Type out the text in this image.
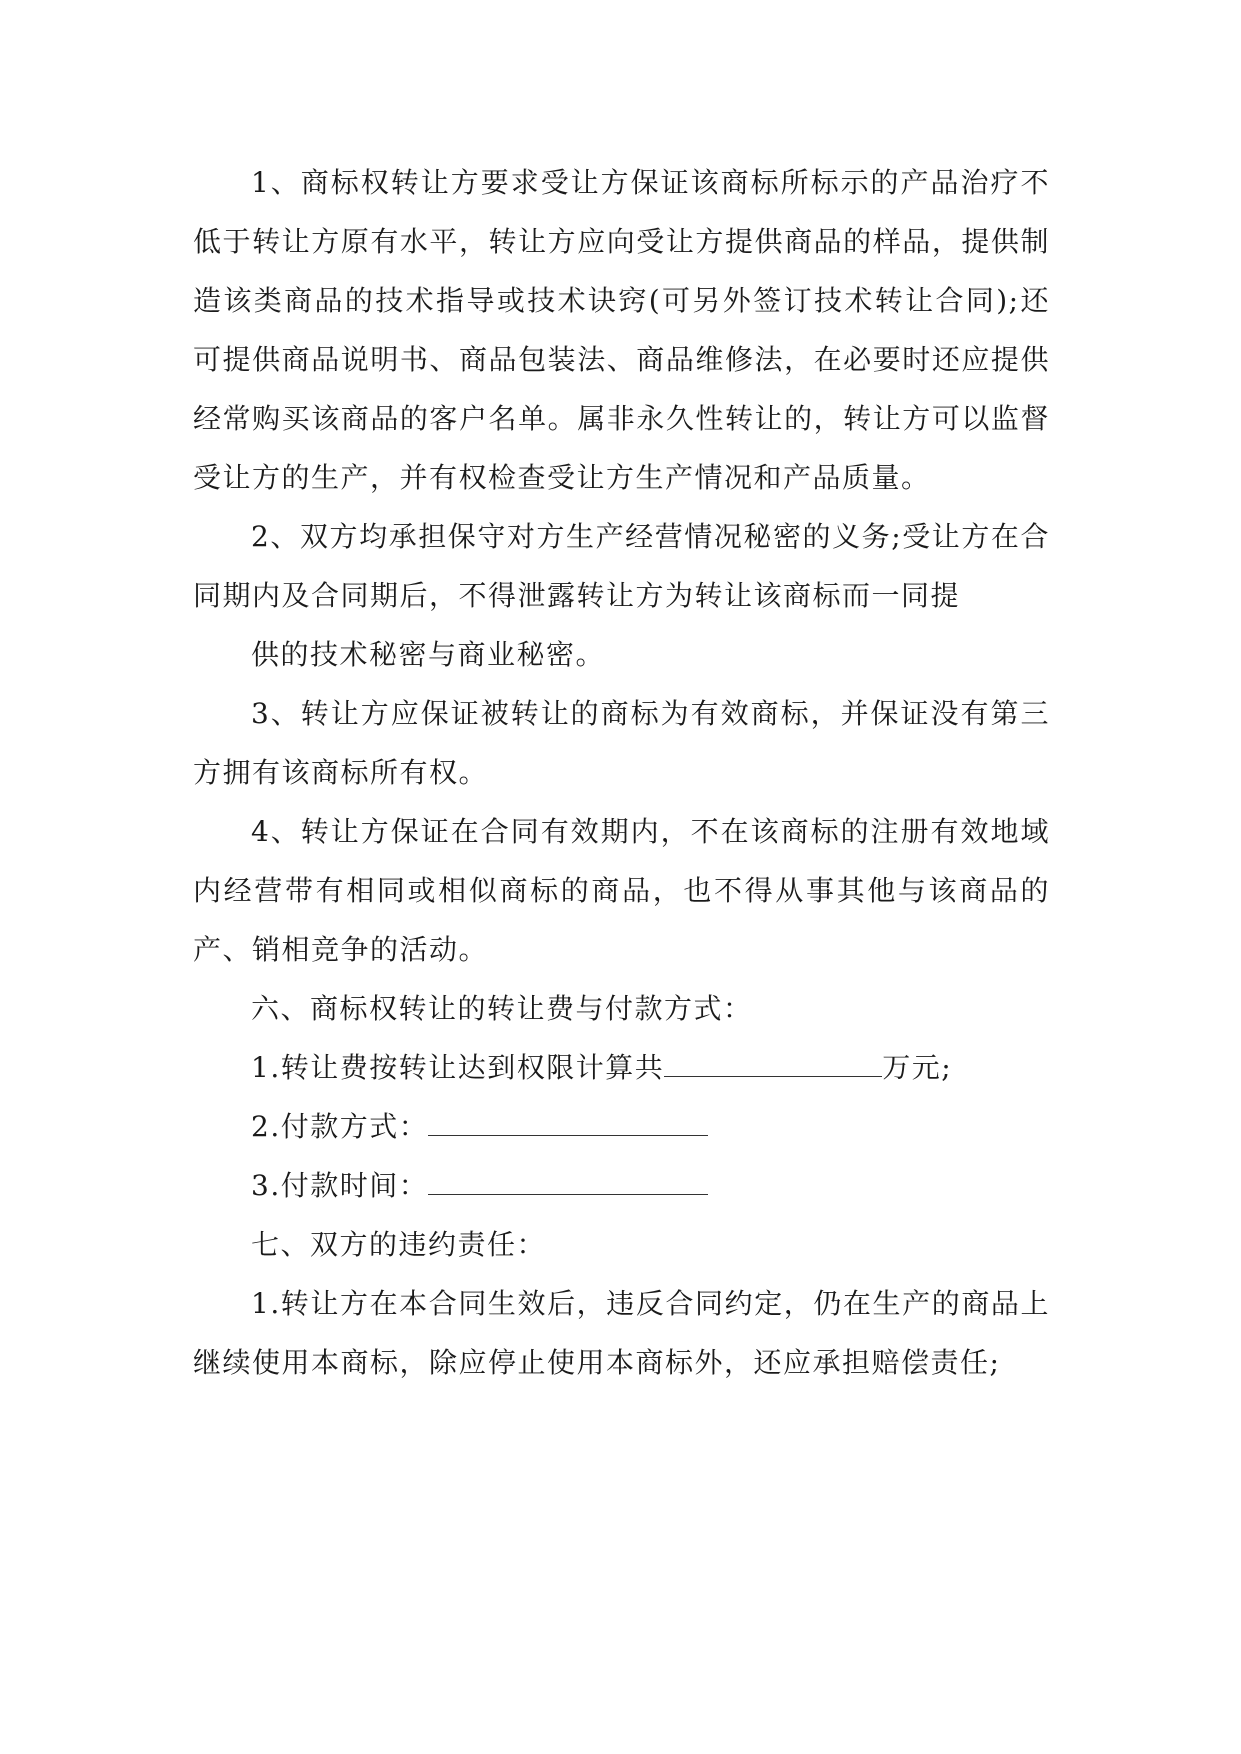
1、商标权转让方要求受让方保证该商标所标示的产品治疗不低于转让方原有水平，转让方应向受让方提供商品的样品，提供制造该类商品的技术指导或技术诀窍(可另外签订技术转让合同);还可提供商品说明书、商品包装法、商品维修法，在必要时还应提供经常购买该商品的客户名单。属非永久性转让的，转让方可以监督受让方的生产，并有权检查受让方生产情况和产品质量。

2、双方均承担保守对方生产经营情况秘密的义务;受让方在合同期内及合同期后，不得泄露转让方为转让该商标而一同提

供的技术秘密与商业秘密。

3、转让方应保证被转让的商标为有效商标，并保证没有第三方拥有该商标所有权。

4、转让方保证在合同有效期内，不在该商标的注册有效地域内经营带有相同或相似商标的商品，也不得从事其他与该商品的产、销相竞争的活动。

六、商标权转让的转让费与付款方式：

1.转让费按转让达到权限计算共	万元;

2.付款方式：

3.付款时间：

七、双方的违约责任：

1.转让方在本合同生效后，违反合同约定，仍在生产的商品上继续使用本商标，除应停止使用本商标外，还应承担赔偿责任;
